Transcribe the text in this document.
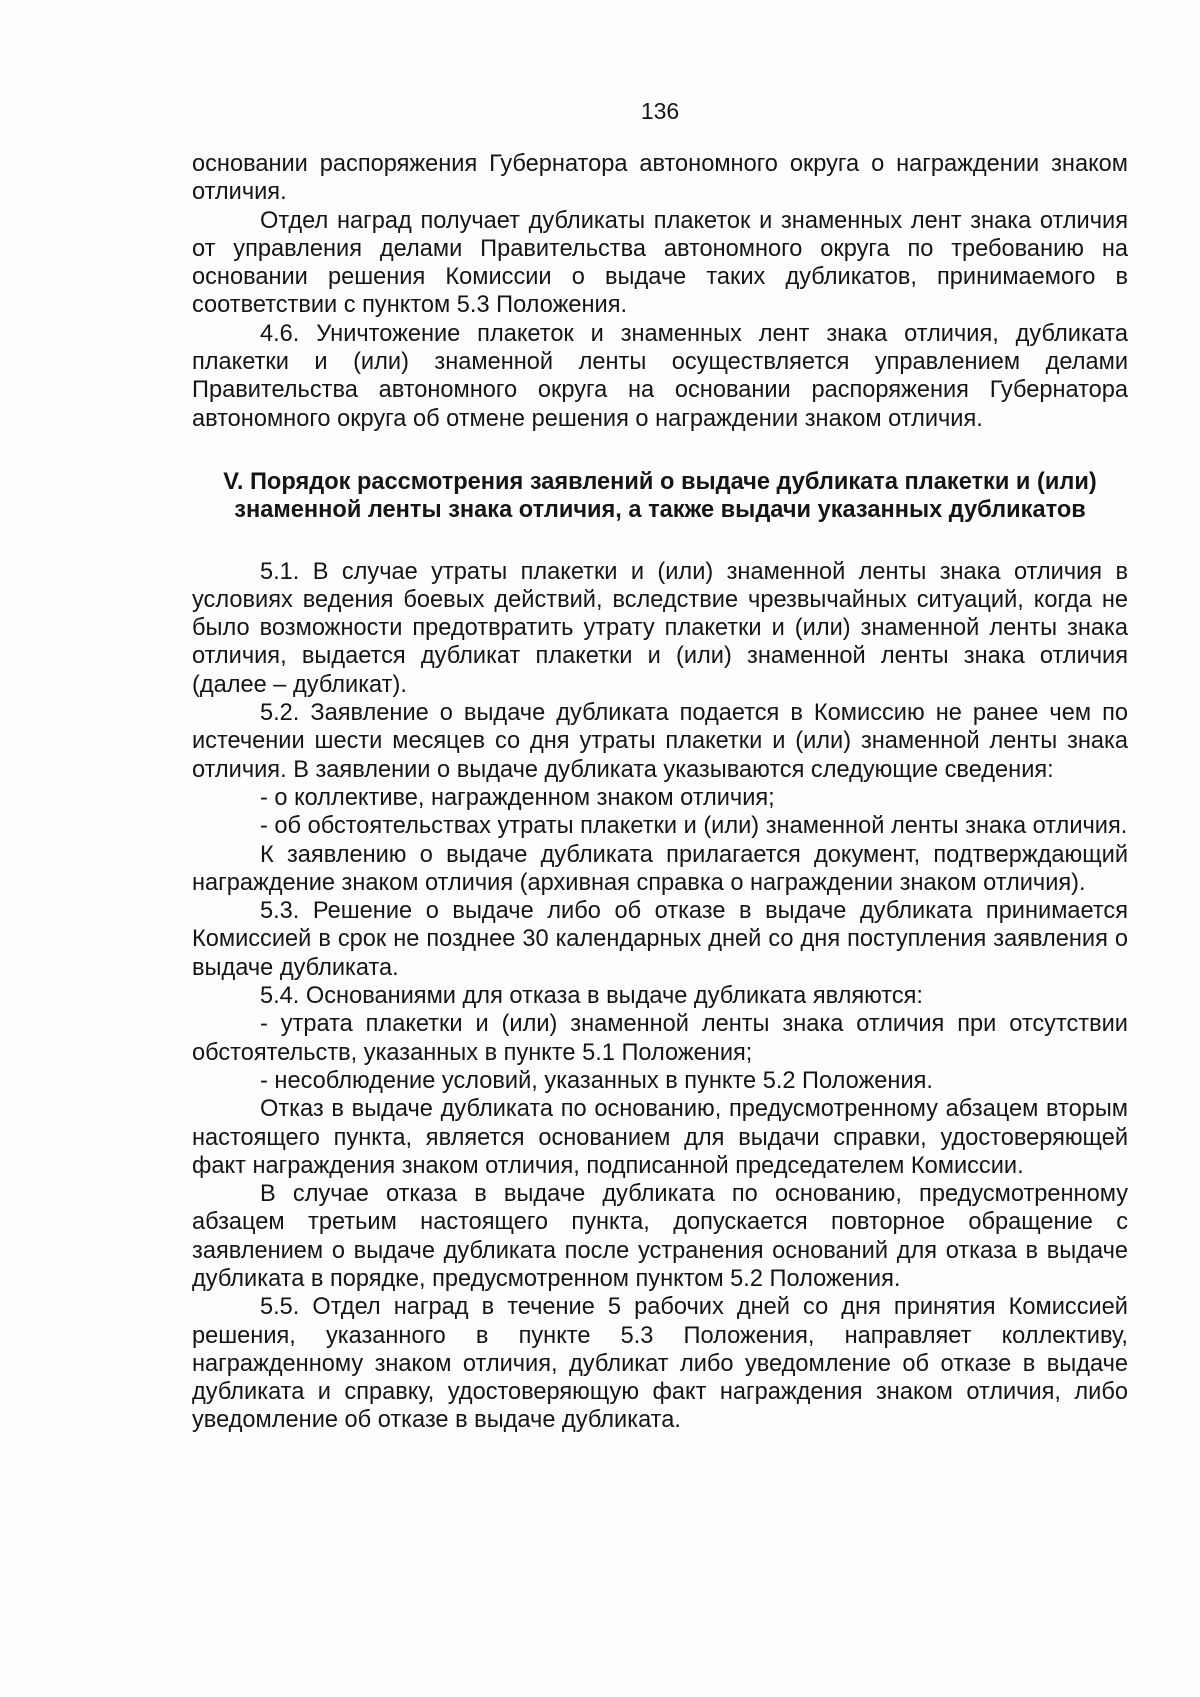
136

основании распоряжения Губернатора автономного округа о награждении знаком отличия.

Отдел наград получает дубликаты плакеток и знаменных лент знака отличия от управления делами Правительства автономного округа по требованию на основании решения Комиссии о выдаче таких дубликатов, принимаемого в соответствии с пунктом 5.3 Положения.

4.6. Уничтожение плакеток и знаменных лент знака отличия, дубликата плакетки и (или) знаменной ленты осуществляется управлением делами Правительства автономного округа на основании распоряжения Губернатора автономного округа об отмене решения о награждении знаком отличия.

V. Порядок рассмотрения заявлений о выдаче дубликата плакетки и (или) знаменной ленты знака отличия, а также выдачи указанных дубликатов

5.1. В случае утраты плакетки и (или) знаменной ленты знака отличия в условиях ведения боевых действий, вследствие чрезвычайных ситуаций, когда не было возможности предотвратить утрату плакетки и (или) знаменной ленты знака отличия, выдается дубликат плакетки и (или) знаменной ленты знака отличия (далее – дубликат).

5.2. Заявление о выдаче дубликата подается в Комиссию не ранее чем по истечении шести месяцев со дня утраты плакетки и (или) знаменной ленты знака отличия. В заявлении о выдаче дубликата указываются следующие сведения:

- о коллективе, награжденном знаком отличия;

- об обстоятельствах утраты плакетки и (или) знаменной ленты знака отличия.

К заявлению о выдаче дубликата прилагается документ, подтверждающий награждение знаком отличия (архивная справка о награждении знаком отличия).

5.3. Решение о выдаче либо об отказе в выдаче дубликата принимается Комиссией в срок не позднее 30 календарных дней со дня поступления заявления о выдаче дубликата.

5.4. Основаниями для отказа в выдаче дубликата являются:

- утрата плакетки и (или) знаменной ленты знака отличия при отсутствии обстоятельств, указанных в пункте 5.1 Положения;

- несоблюдение условий, указанных в пункте 5.2 Положения.

Отказ в выдаче дубликата по основанию, предусмотренному абзацем вторым настоящего пункта, является основанием для выдачи справки, удостоверяющей факт награждения знаком отличия, подписанной председателем Комиссии.

В случае отказа в выдаче дубликата по основанию, предусмотренному абзацем третьим настоящего пункта, допускается повторное обращение с заявлением о выдаче дубликата после устранения оснований для отказа в выдаче дубликата в порядке, предусмотренном пунктом 5.2 Положения.

5.5. Отдел наград в течение 5 рабочих дней со дня принятия Комиссией решения, указанного в пункте 5.3 Положения, направляет коллективу, награжденному знаком отличия, дубликат либо уведомление об отказе в выдаче дубликата и справку, удостоверяющую факт награждения знаком отличия, либо уведомление об отказе в выдаче дубликата.
